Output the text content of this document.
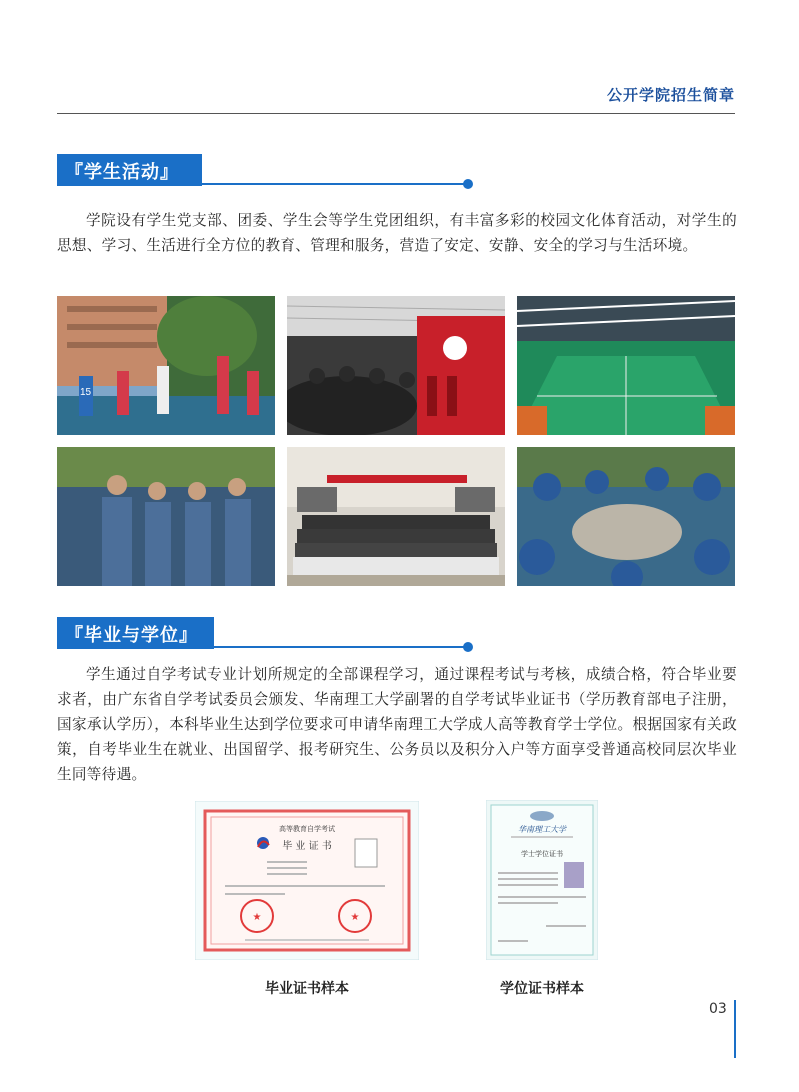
公开学院招生简章
『学生活动』
学院设有学生党支部、团委、学生会等学生党团组织，有丰富多彩的校园文化体育活动，对学生的思想、学习、生活进行全方位的教育、管理和服务，营造了安定、安静、安全的学习与生活环境。
15
『毕业与学位』
学生通过自学考试专业计划所规定的全部课程学习，通过课程考试与考核，成绩合格，符合毕业要求者，由广东省自学考试委员会颁发、华南理工大学副署的自学考试毕业证书（学历教育部电子注册，国家承认学历），本科毕业生达到学位要求可申请华南理工大学成人高等教育学士学位。根据国家有关政策，自考毕业生在就业、出国留学、报考研究生、公务员以及积分入户等方面享受普通高校同层次毕业生同等待遇。
高等教育自学考试
毕 业 证 书
★	★
毕业证书样本
华南理工大学
学士学位证书
学位证书样本
03
